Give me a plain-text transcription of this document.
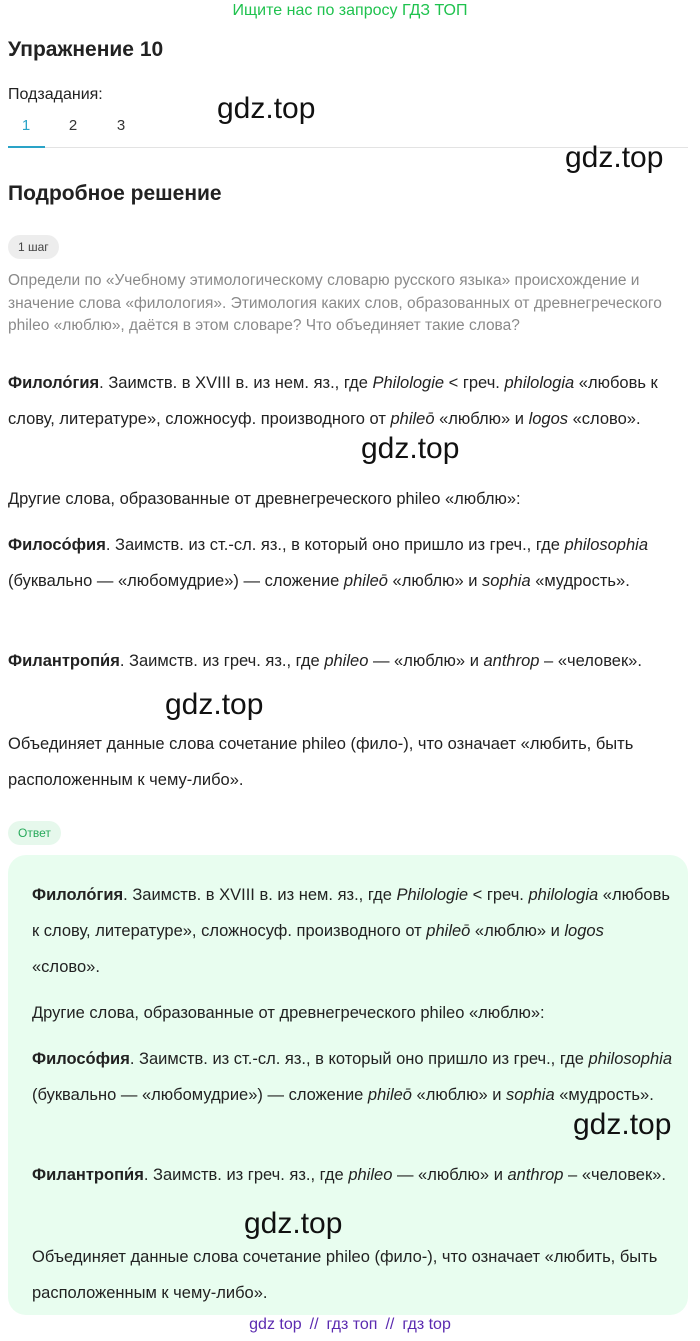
Ищите нас по запросу ГДЗ ТОП
Упражнение 10
Подзадания:
1	2	3
Подробное решение
1 шаг
Определи по «Учебному этимологическому словарю русского языка» происхождение и значение слова «филология». Этимология каких слов, образованных от древнегреческого phileo «люблю», даётся в этом словаре? Что объединяет такие слова?
Филоло́гия. Заимств. в XVIII в. из нем. яз., где Philologie < греч. philologia «любовь к слову, литературе», сложносуф. производного от phileō «люблю» и logos «слово».
Другие слова, образованные от древнегреческого phileo «люблю»:
Филосо́фия. Заимств. из ст.-сл. яз., в который оно пришло из греч., где philosophia (буквально — «любомудрие») — сложение phileō «люблю» и sophia «мудрость».
Филантропи́я. Заимств. из греч. яз., где phileo — «люблю» и anthrop – «человек».
Объединяет данные слова сочетание phileo (фило-), что означает «любить, быть расположенным к чему-либо».
Ответ
Филоло́гия. Заимств. в XVIII в. из нем. яз., где Philologie < греч. philologia «любовь к слову, литературе», сложносуф. производного от phileō «люблю» и logos «слово».
Другие слова, образованные от древнегреческого phileo «люблю»:
Филосо́фия. Заимств. из ст.-сл. яз., в который оно пришло из греч., где philosophia (буквально — «любомудрие») — сложение phileō «люблю» и sophia «мудрость».
Филантропи́я. Заимств. из греч. яз., где phileo — «люблю» и anthrop – «человек».
Объединяет данные слова сочетание phileo (фило-), что означает «любить, быть расположенным к чему-либо».
gdz.top
gdz.top
gdz.top
gdz.top
gdz.top
gdz.top
gdz top // гдз топ // гдз top
